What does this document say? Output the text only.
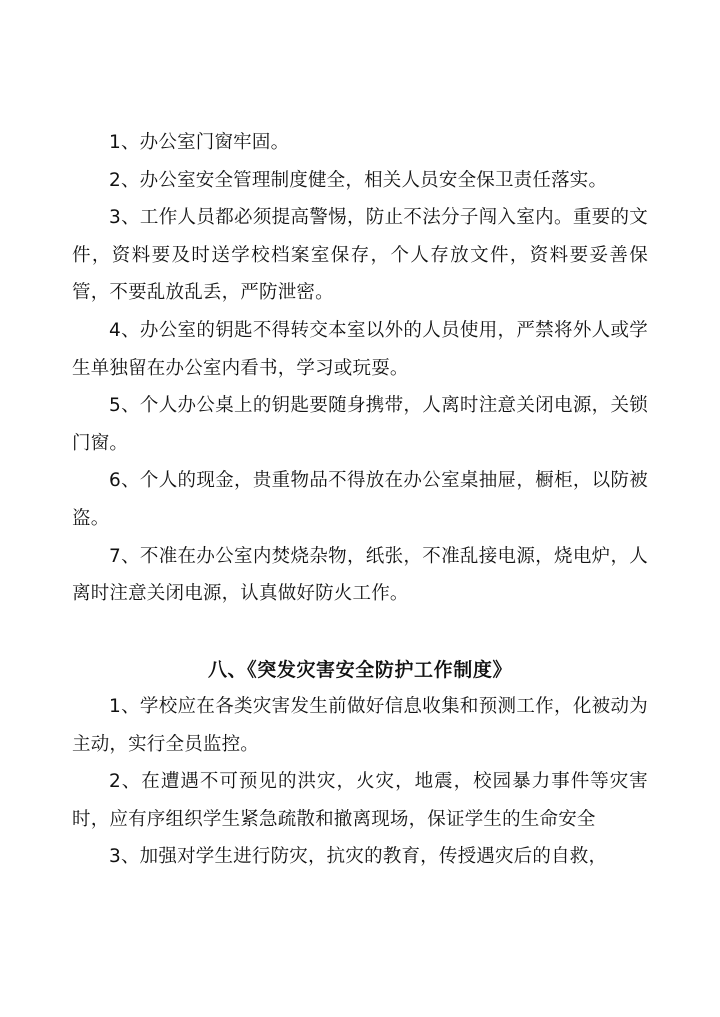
1、办公室门窗牢固。

2、办公室安全管理制度健全，相关人员安全保卫责任落实。

3、工作人员都必须提高警惕，防止不法分子闯入室内。重要的文件，资料要及时送学校档案室保存，个人存放文件，资料要妥善保管，不要乱放乱丢，严防泄密。

4、办公室的钥匙不得转交本室以外的人员使用，严禁将外人或学生单独留在办公室内看书，学习或玩耍。

5、个人办公桌上的钥匙要随身携带，人离时注意关闭电源，关锁门窗。

6、个人的现金，贵重物品不得放在办公室桌抽屉，橱柜，以防被盗。

7、不准在办公室内焚烧杂物，纸张，不准乱接电源，烧电炉，人离时注意关闭电源，认真做好防火工作。

八、《突发灾害安全防护工作制度》

1、学校应在各类灾害发生前做好信息收集和预测工作，化被动为主动，实行全员监控。

2、在遭遇不可预见的洪灾，火灾，地震，校园暴力事件等灾害时，应有序组织学生紧急疏散和撤离现场，保证学生的生命安全

3、加强对学生进行防灾，抗灾的教育，传授遇灾后的自救，
